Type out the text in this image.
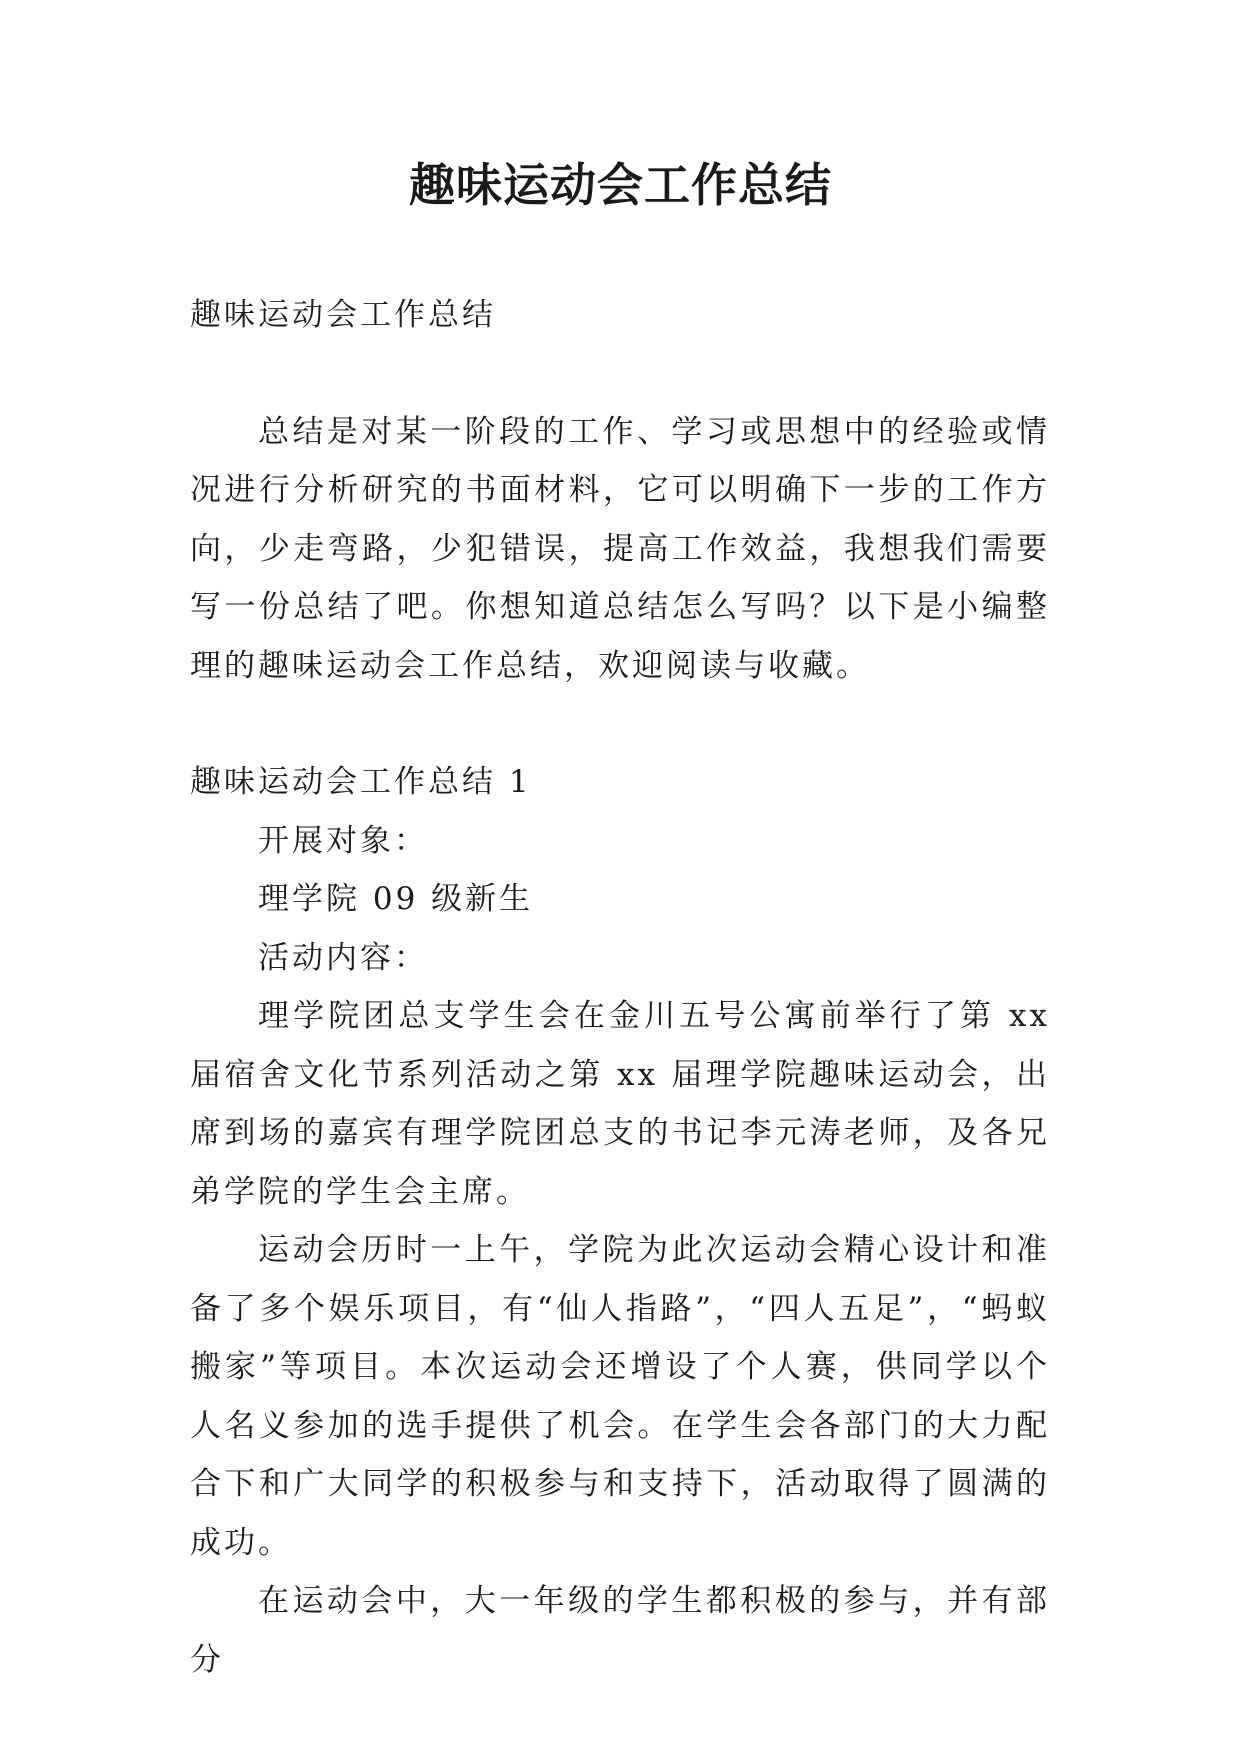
趣味运动会工作总结

趣味运动会工作总结

总结是对某一阶段的工作、学习或思想中的经验或情况进行分析研究的书面材料，它可以明确下一步的工作方向，少走弯路，少犯错误，提高工作效益，我想我们需要写一份总结了吧。你想知道总结怎么写吗？以下是小编整理的趣味运动会工作总结，欢迎阅读与收藏。

趣味运动会工作总结 1

开展对象：

理学院 09 级新生

活动内容：

理学院团总支学生会在金川五号公寓前举行了第 xx 届宿舍文化节系列活动之第 xx 届理学院趣味运动会，出席到场的嘉宾有理学院团总支的书记李元涛老师，及各兄弟学院的学生会主席。

运动会历时一上午，学院为此次运动会精心设计和准备了多个娱乐项目，有“仙人指路”，“四人五足”，“蚂蚁搬家”等项目。本次运动会还增设了个人赛，供同学以个人名义参加的选手提供了机会。在学生会各部门的大力配合下和广大同学的积极参与和支持下，活动取得了圆满的成功。

在运动会中，大一年级的学生都积极的参与，并有部分
